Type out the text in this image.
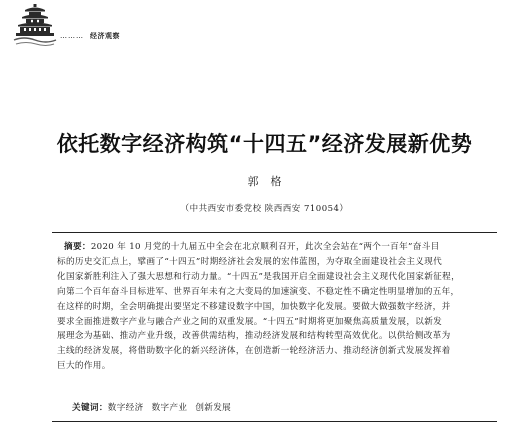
……… 经济观察
依托数字经济构筑“十四五”经济发展新优势
郭格
（中共西安市委党校 陕西西安 710054）
摘要：2020 年 10 月党的十九届五中全会在北京顺利召开，此次全会站在“两个一百年”奋斗目
标的历史交汇点上，擘画了“十四五”时期经济社会发展的宏伟蓝图，为夺取全面建设社会主义现代
化国家新胜利注入了强大思想和行动力量。“十四五”是我国开启全面建设社会主义现代化国家新征程，
向第二个百年奋斗目标进军、世界百年未有之大变局的加速演变、不稳定性不确定性明显增加的五年，
在这样的时期，全会明确提出要坚定不移建设数字中国，加快数字化发展。要做大做强数字经济，并
要求全面推进数字产业与融合产业之间的双重发展。“十四五”时期将更加聚焦高质量发展，以新发
展理念为基础、推动产业升级，改善供需结构，推动经济发展和结构转型高效优化。以供给侧改革为
主线的经济发展，将借助数字化的新兴经济体，在创造新一轮经济活力、推动经济创新式发展发挥着
巨大的作用。
关键词：数字经济 数字产业 创新发展
